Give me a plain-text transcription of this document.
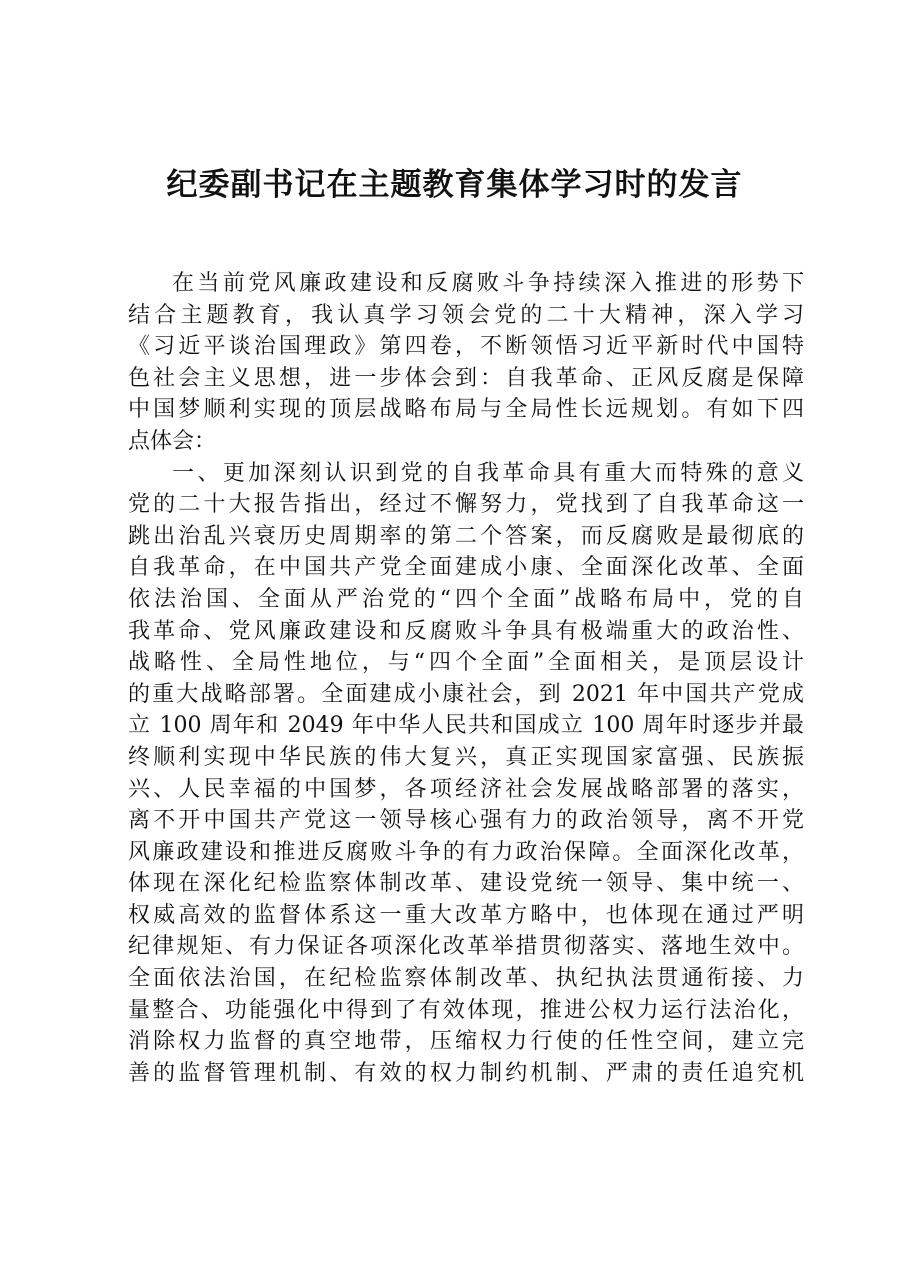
纪委副书记在主题教育集体学习时的发言
在当前党风廉政建设和反腐败斗争持续深入推进的形势下
结合主题教育，我认真学习领会党的二十大精神，深入学习
《习近平谈治国理政》第四卷，不断领悟习近平新时代中国特
色社会主义思想，进一步体会到：自我革命、正风反腐是保障
中国梦顺利实现的顶层战略布局与全局性长远规划。有如下四
点体会：
一、更加深刻认识到党的自我革命具有重大而特殊的意义
党的二十大报告指出，经过不懈努力，党找到了自我革命这一
跳出治乱兴衰历史周期率的第二个答案，而反腐败是最彻底的
自我革命，在中国共产党全面建成小康、全面深化改革、全面
依法治国、全面从严治党的“四个全面”战略布局中，党的自
我革命、党风廉政建设和反腐败斗争具有极端重大的政治性、
战略性、全局性地位，与“四个全面”全面相关，是顶层设计
的重大战略部署。全面建成小康社会，到 2021 年中国共产党成
立 100 周年和 2049 年中华人民共和国成立 100 周年时逐步并最
终顺利实现中华民族的伟大复兴，真正实现国家富强、民族振
兴、人民幸福的中国梦，各项经济社会发展战略部署的落实，
离不开中国共产党这一领导核心强有力的政治领导，离不开党
风廉政建设和推进反腐败斗争的有力政治保障。全面深化改革，
体现在深化纪检监察体制改革、建设党统一领导、集中统一、
权威高效的监督体系这一重大改革方略中，也体现在通过严明
纪律规矩、有力保证各项深化改革举措贯彻落实、落地生效中。
全面依法治国，在纪检监察体制改革、执纪执法贯通衔接、力
量整合、功能强化中得到了有效体现，推进公权力运行法治化，
消除权力监督的真空地带，压缩权力行使的任性空间，建立完
善的监督管理机制、有效的权力制约机制、严肃的责任追究机
